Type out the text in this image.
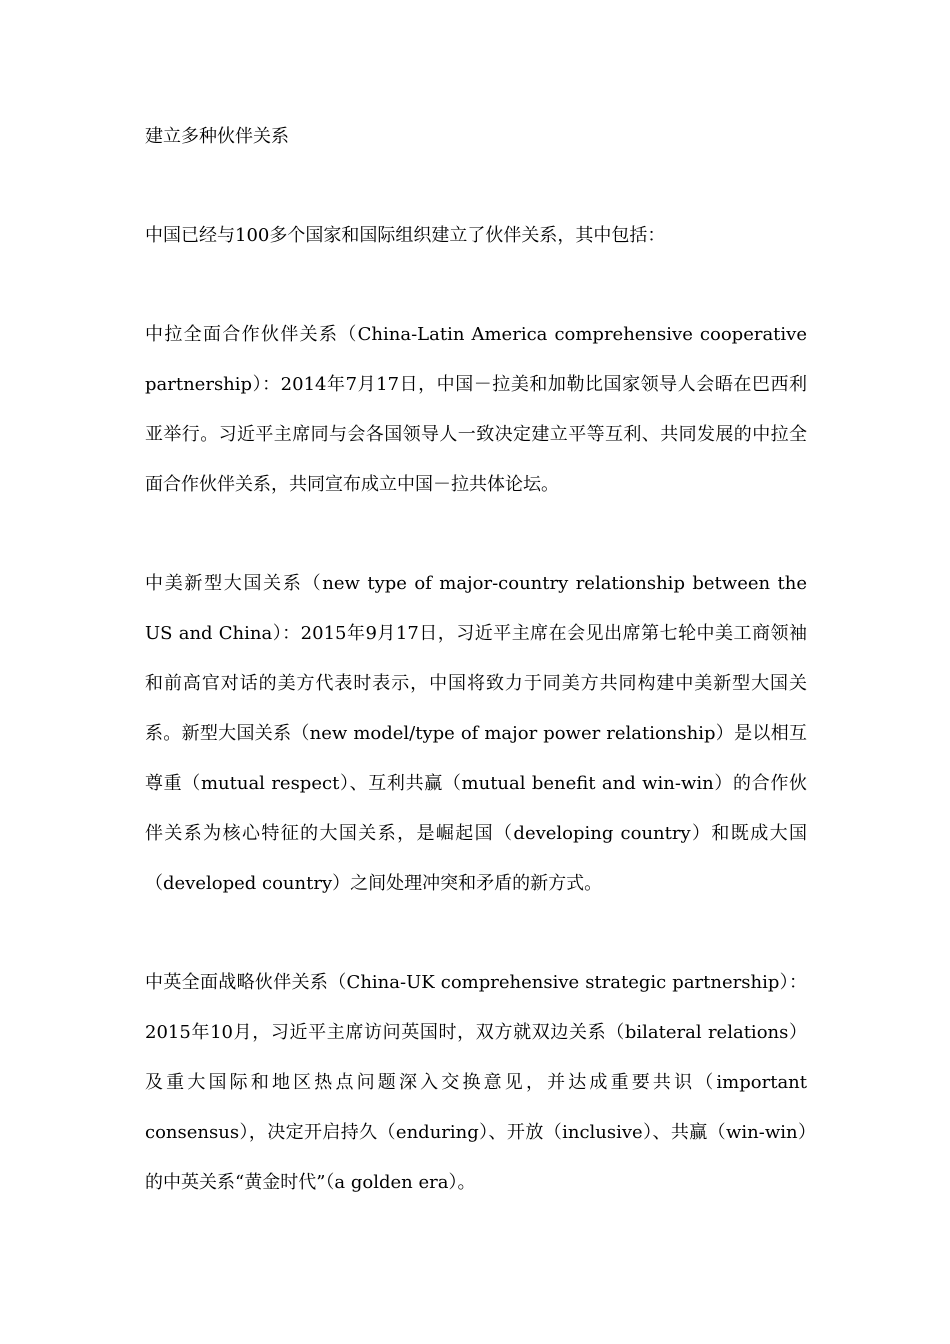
建立多种伙伴关系

中国已经与100多个国家和国际组织建立了伙伴关系，其中包括：

中拉全面合作伙伴关系（China-Latin America comprehensive cooperative partnership）：2014年7月17日，中国－拉美和加勒比国家领导人会晤在巴西利亚举行。习近平主席同与会各国领导人一致决定建立平等互利、共同发展的中拉全面合作伙伴关系，共同宣布成立中国－拉共体论坛。

中美新型大国关系（new type of major-country relationship between the US and China）：2015年9月17日，习近平主席在会见出席第七轮中美工商领袖和前高官对话的美方代表时表示，中国将致力于同美方共同构建中美新型大国关系。新型大国关系（new model/type of major power relationship）是以相互尊重（mutual respect）、互利共赢（mutual benefit and win-win）的合作伙伴关系为核心特征的大国关系，是崛起国（developing country）和既成大国（developed country）之间处理冲突和矛盾的新方式。

中英全面战略伙伴关系（China-UK comprehensive strategic partnership）：2015年10月，习近平主席访问英国时，双方就双边关系（bilateral relations）及重大国际和地区热点问题深入交换意见，并达成重要共识（important consensus），决定开启持久（enduring）、开放（inclusive）、共赢（win-win）的中英关系“黄金时代”（a golden era）。
